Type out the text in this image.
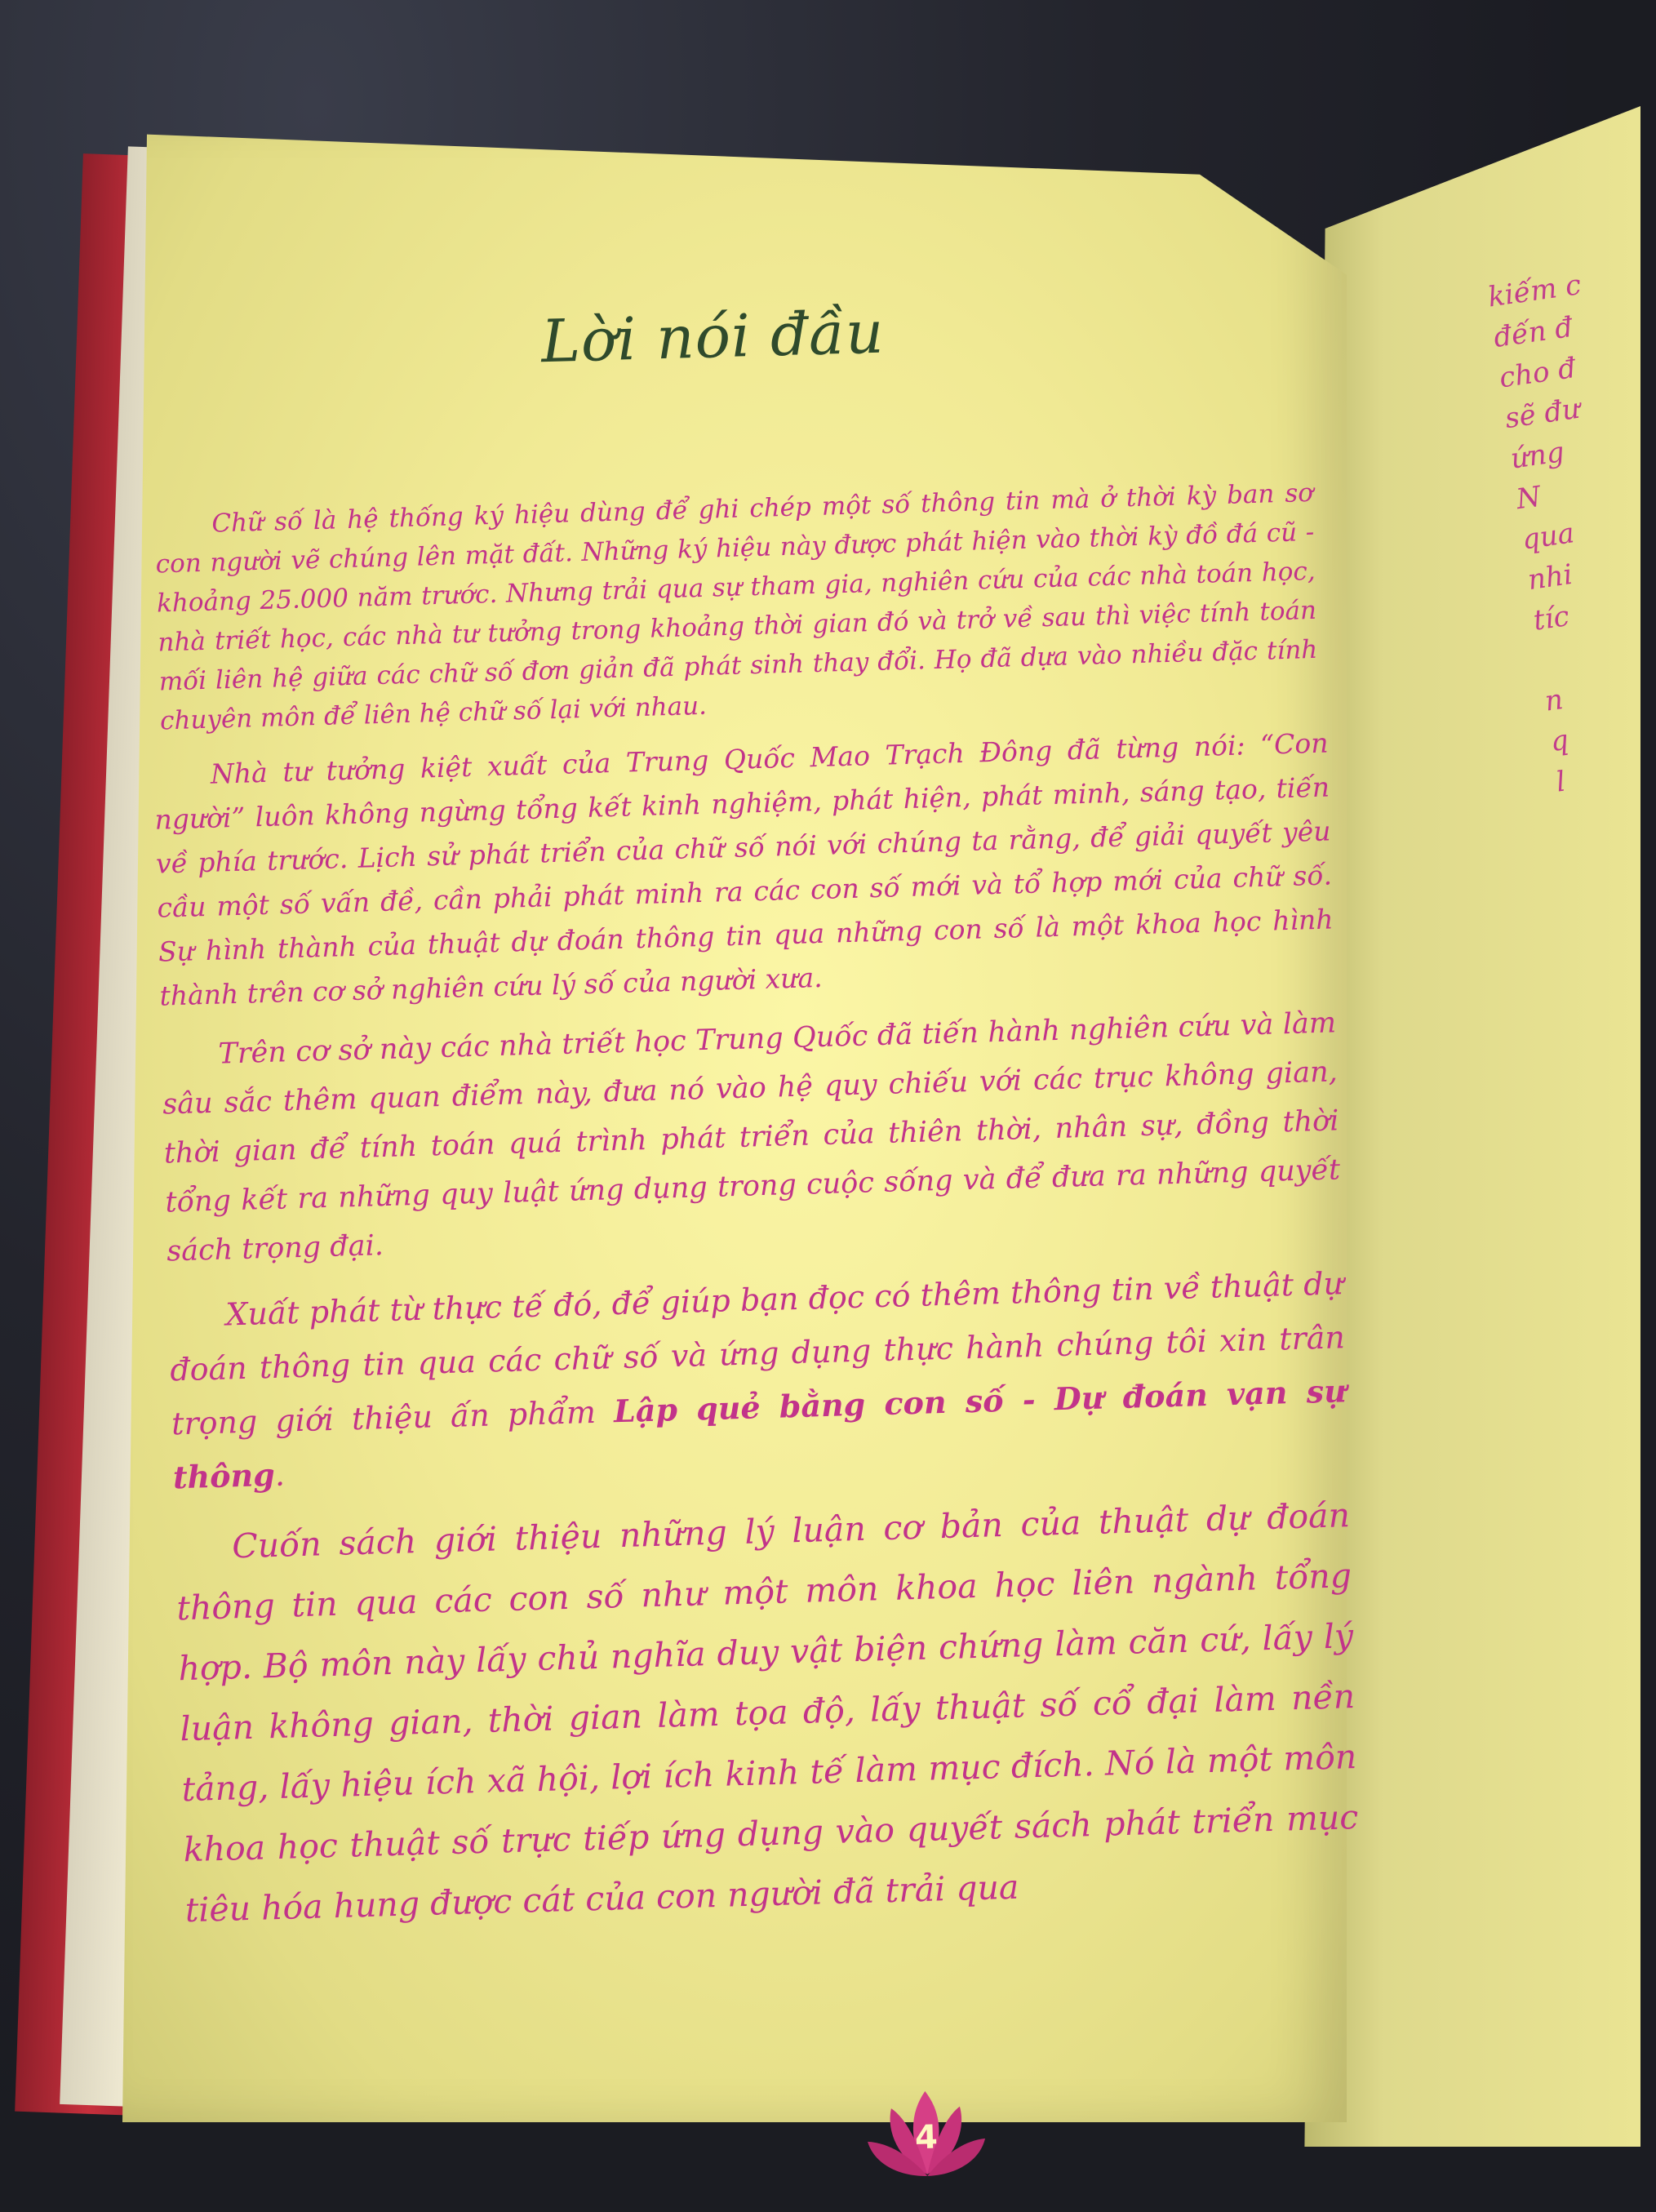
kiếm c
đến đ
cho đ
sẽ đư
ứng
N
qua
nhi
tíc

n
q
l
Lời nói đầu

Chữ số là hệ thống ký hiệu dùng để ghi chép một số thông tin mà ở thời kỳ ban sơ con người vẽ chúng lên mặt đất. Những ký hiệu này được phát hiện vào thời kỳ đồ đá cũ - khoảng 25.000 năm trước. Nhưng trải qua sự tham gia, nghiên cứu của các nhà toán học, nhà triết học, các nhà tư tưởng trong khoảng thời gian đó và trở về sau thì việc tính toán mối liên hệ giữa các chữ số đơn giản đã phát sinh thay đổi. Họ đã dựa vào nhiều đặc tính chuyên môn để liên hệ chữ số lại với nhau.

Nhà tư tưởng kiệt xuất của Trung Quốc Mao Trạch Đông đã từng nói: “Con người” luôn không ngừng tổng kết kinh nghiệm, phát hiện, phát minh, sáng tạo, tiến về phía trước. Lịch sử phát triển của chữ số nói với chúng ta rằng, để giải quyết yêu cầu một số vấn đề, cần phải phát minh ra các con số mới và tổ hợp mới của chữ số. Sự hình thành của thuật dự đoán thông tin qua những con số là một khoa học hình thành trên cơ sở nghiên cứu lý số của người xưa.

Trên cơ sở này các nhà triết học Trung Quốc đã tiến hành nghiên cứu và làm sâu sắc thêm quan điểm này, đưa nó vào hệ quy chiếu với các trục không gian, thời gian để tính toán quá trình phát triển của thiên thời, nhân sự, đồng thời tổng kết ra những quy luật ứng dụng trong cuộc sống và để đưa ra những quyết sách trọng đại.

Xuất phát từ thực tế đó, để giúp bạn đọc có thêm thông tin về thuật dự đoán thông tin qua các chữ số và ứng dụng thực hành chúng tôi xin trân trọng giới thiệu ấn phẩm Lập quẻ bằng con số - Dự đoán vạn sự thông.

Cuốn sách giới thiệu những lý luận cơ bản của thuật dự đoán thông tin qua các con số như một môn khoa học liên ngành tổng hợp. Bộ môn này lấy chủ nghĩa duy vật biện chứng làm căn cứ, lấy lý luận không gian, thời gian làm tọa độ, lấy thuật số cổ đại làm nền tảng, lấy hiệu ích xã hội, lợi ích kinh tế làm mục đích. Nó là một môn khoa học thuật số trực tiếp ứng dụng vào quyết sách phát triển mục tiêu hóa hung được cát của con người đã trải qua

4
